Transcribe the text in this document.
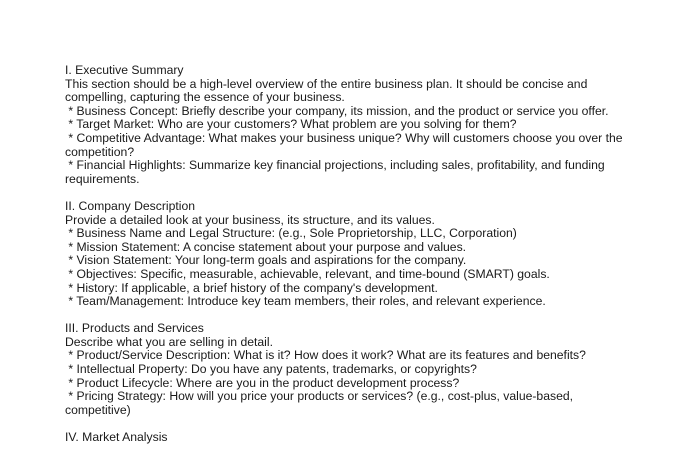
I. Executive Summary
This section should be a high-level overview of the entire business plan. It should be concise and compelling, capturing the essence of your business.
* Business Concept: Briefly describe your company, its mission, and the product or service you offer.
* Target Market: Who are your customers? What problem are you solving for them?
* Competitive Advantage: What makes your business unique? Why will customers choose you over the competition?
* Financial Highlights: Summarize key financial projections, including sales, profitability, and funding requirements.
II. Company Description
Provide a detailed look at your business, its structure, and its values.
* Business Name and Legal Structure: (e.g., Sole Proprietorship, LLC, Corporation)
* Mission Statement: A concise statement about your purpose and values.
* Vision Statement: Your long-term goals and aspirations for the company.
* Objectives: Specific, measurable, achievable, relevant, and time-bound (SMART) goals.
* History: If applicable, a brief history of the company's development.
* Team/Management: Introduce key team members, their roles, and relevant experience.
III. Products and Services
Describe what you are selling in detail.
* Product/Service Description: What is it? How does it work? What are its features and benefits?
* Intellectual Property: Do you have any patents, trademarks, or copyrights?
* Product Lifecycle: Where are you in the product development process?
* Pricing Strategy: How will you price your products or services? (e.g., cost-plus, value-based, competitive)
IV. Market Analysis
